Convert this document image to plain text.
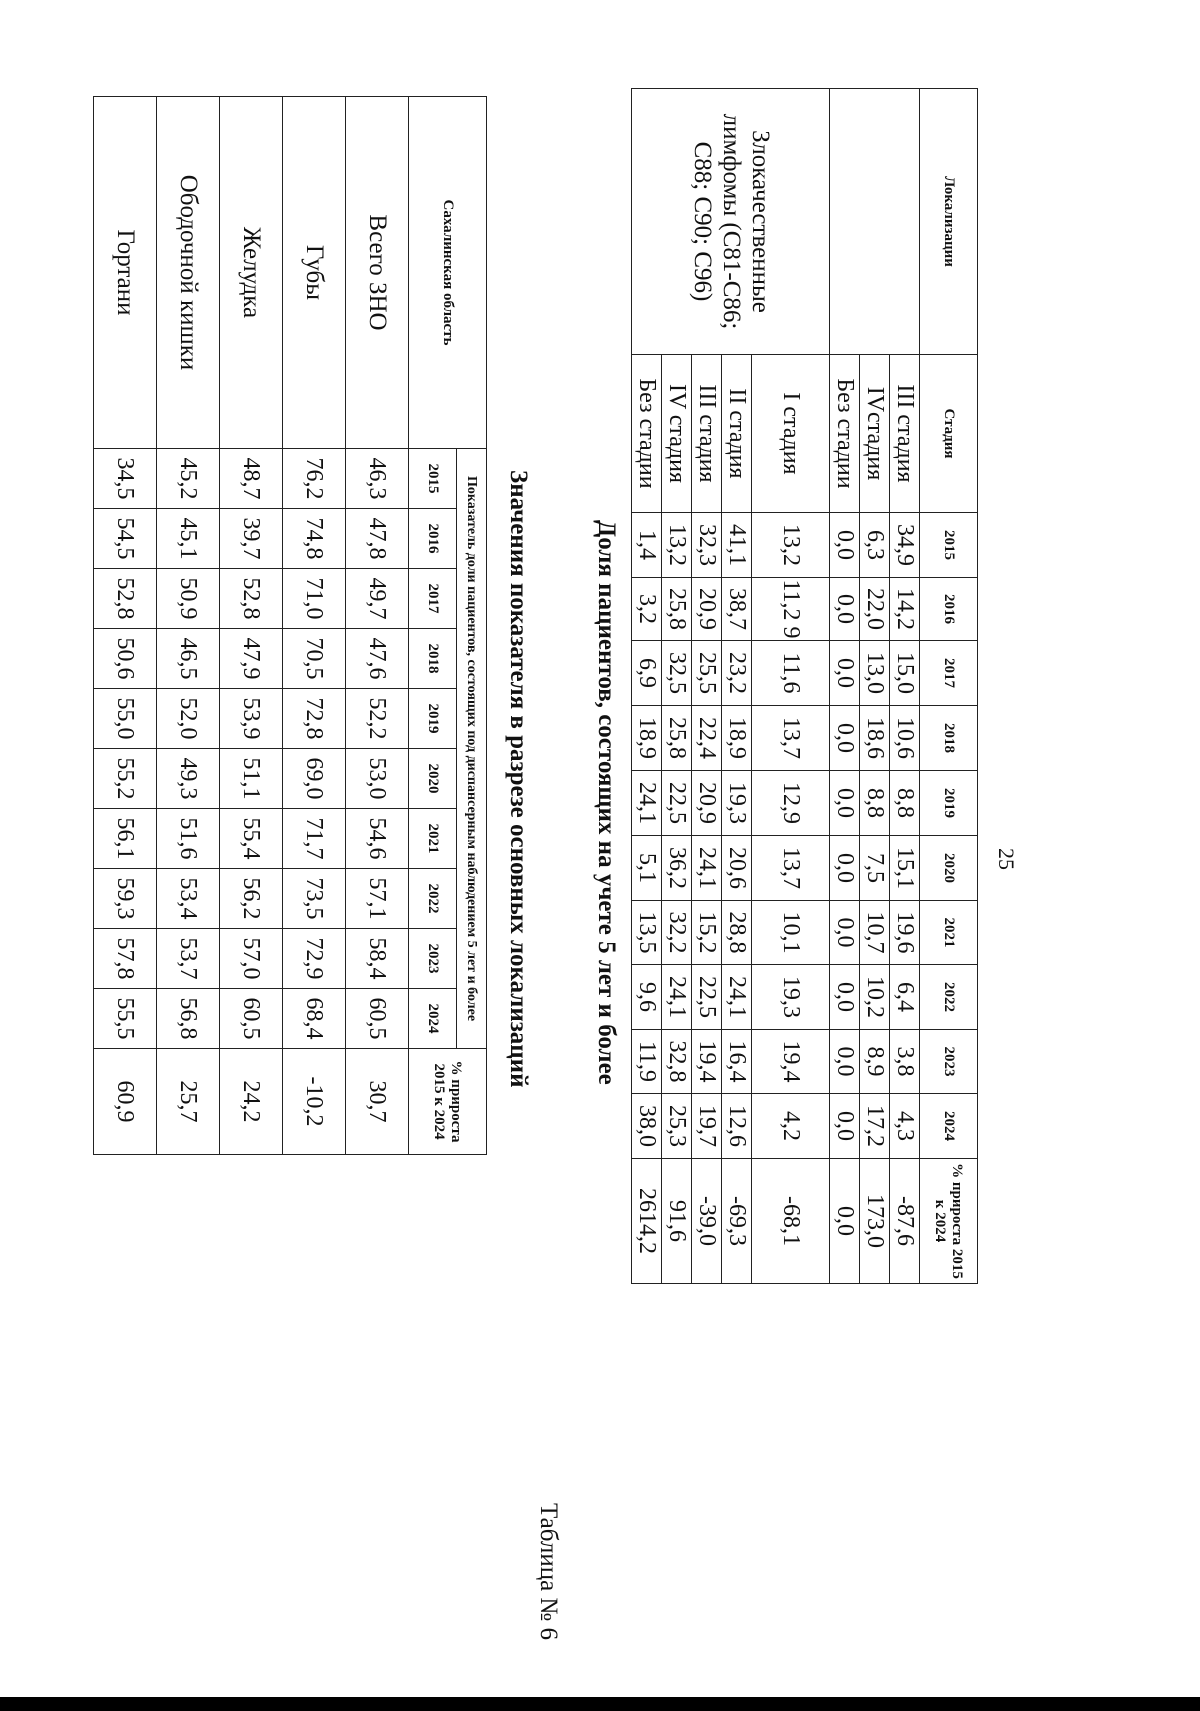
25
Локализации	Стадия	2015	2016	2017	2018	2019	2020	2021	2022	2023	2024	% прироста 2015 к 2024
	III стадия	34,9	14,2	15,0	10,6	8,8	15,1	19,6	6,4	3,8	4,3	-87,6
	IVстадия	6,3	22,0	13,0	18,6	8,8	7,5	10,7	10,2	8,9	17,2	173,0
	Без стадии	0,0	0,0	0,0	0,0	0,0	0,0	0,0	0,0	0,0	0,0	0,0
Злокачественные лимфомы (С81-С86; С88; С90; С96)	I стадия	13,2	11,2 9	11,6	13,7	12,9	13,7	10,1	19,3	19,4	4,2	-68,1
	II стадия	41,1	38,7	23,2	18,9	19,3	20,6	28,8	24,1	16,4	12,6	-69,3
	III стадия	32,3	20,9	25,5	22,4	20,9	24,1	15,2	22,5	19,4	19,7	-39,0
	IV стадия	13,2	25,8	32,5	25,8	22,5	36,2	32,2	24,1	32,8	25,3	91,6
	Без стадии	1,4	3,2	6,9	18,9	24,1	5,1	13,5	9,6	11,9	38,0	2614,2
Таблица № 6
Доля пациентов, состоящих на учете 5 лет и более
Значения показателя в разрезе основных локализаций
Сахалинская область	Показатель доли пациентов, состоящих под диспансерным наблюдением 5 лет и более										% прироста 2015 к 2024
	2015	2016	2017	2018	2019	2020	2021	2022	2023	2024	
Всего ЗНО	46,3	47,8	49,7	47,6	52,2	53,0	54,6	57,1	58,4	60,5	30,7
Губы	76,2	74,8	71,0	70,5	72,8	69,0	71,7	73,5	72,9	68,4	-10,2
Желудка	48,7	39,7	52,8	47,9	53,9	51,1	55,4	56,2	57,0	60,5	24,2
Ободочной кишки	45,2	45,1	50,9	46,5	52,0	49,3	51,6	53,4	53,7	56,8	25,7
Гортани	34,5	54,5	52,8	50,6	55,0	55,2	56,1	59,3	57,8	55,5	60,9
